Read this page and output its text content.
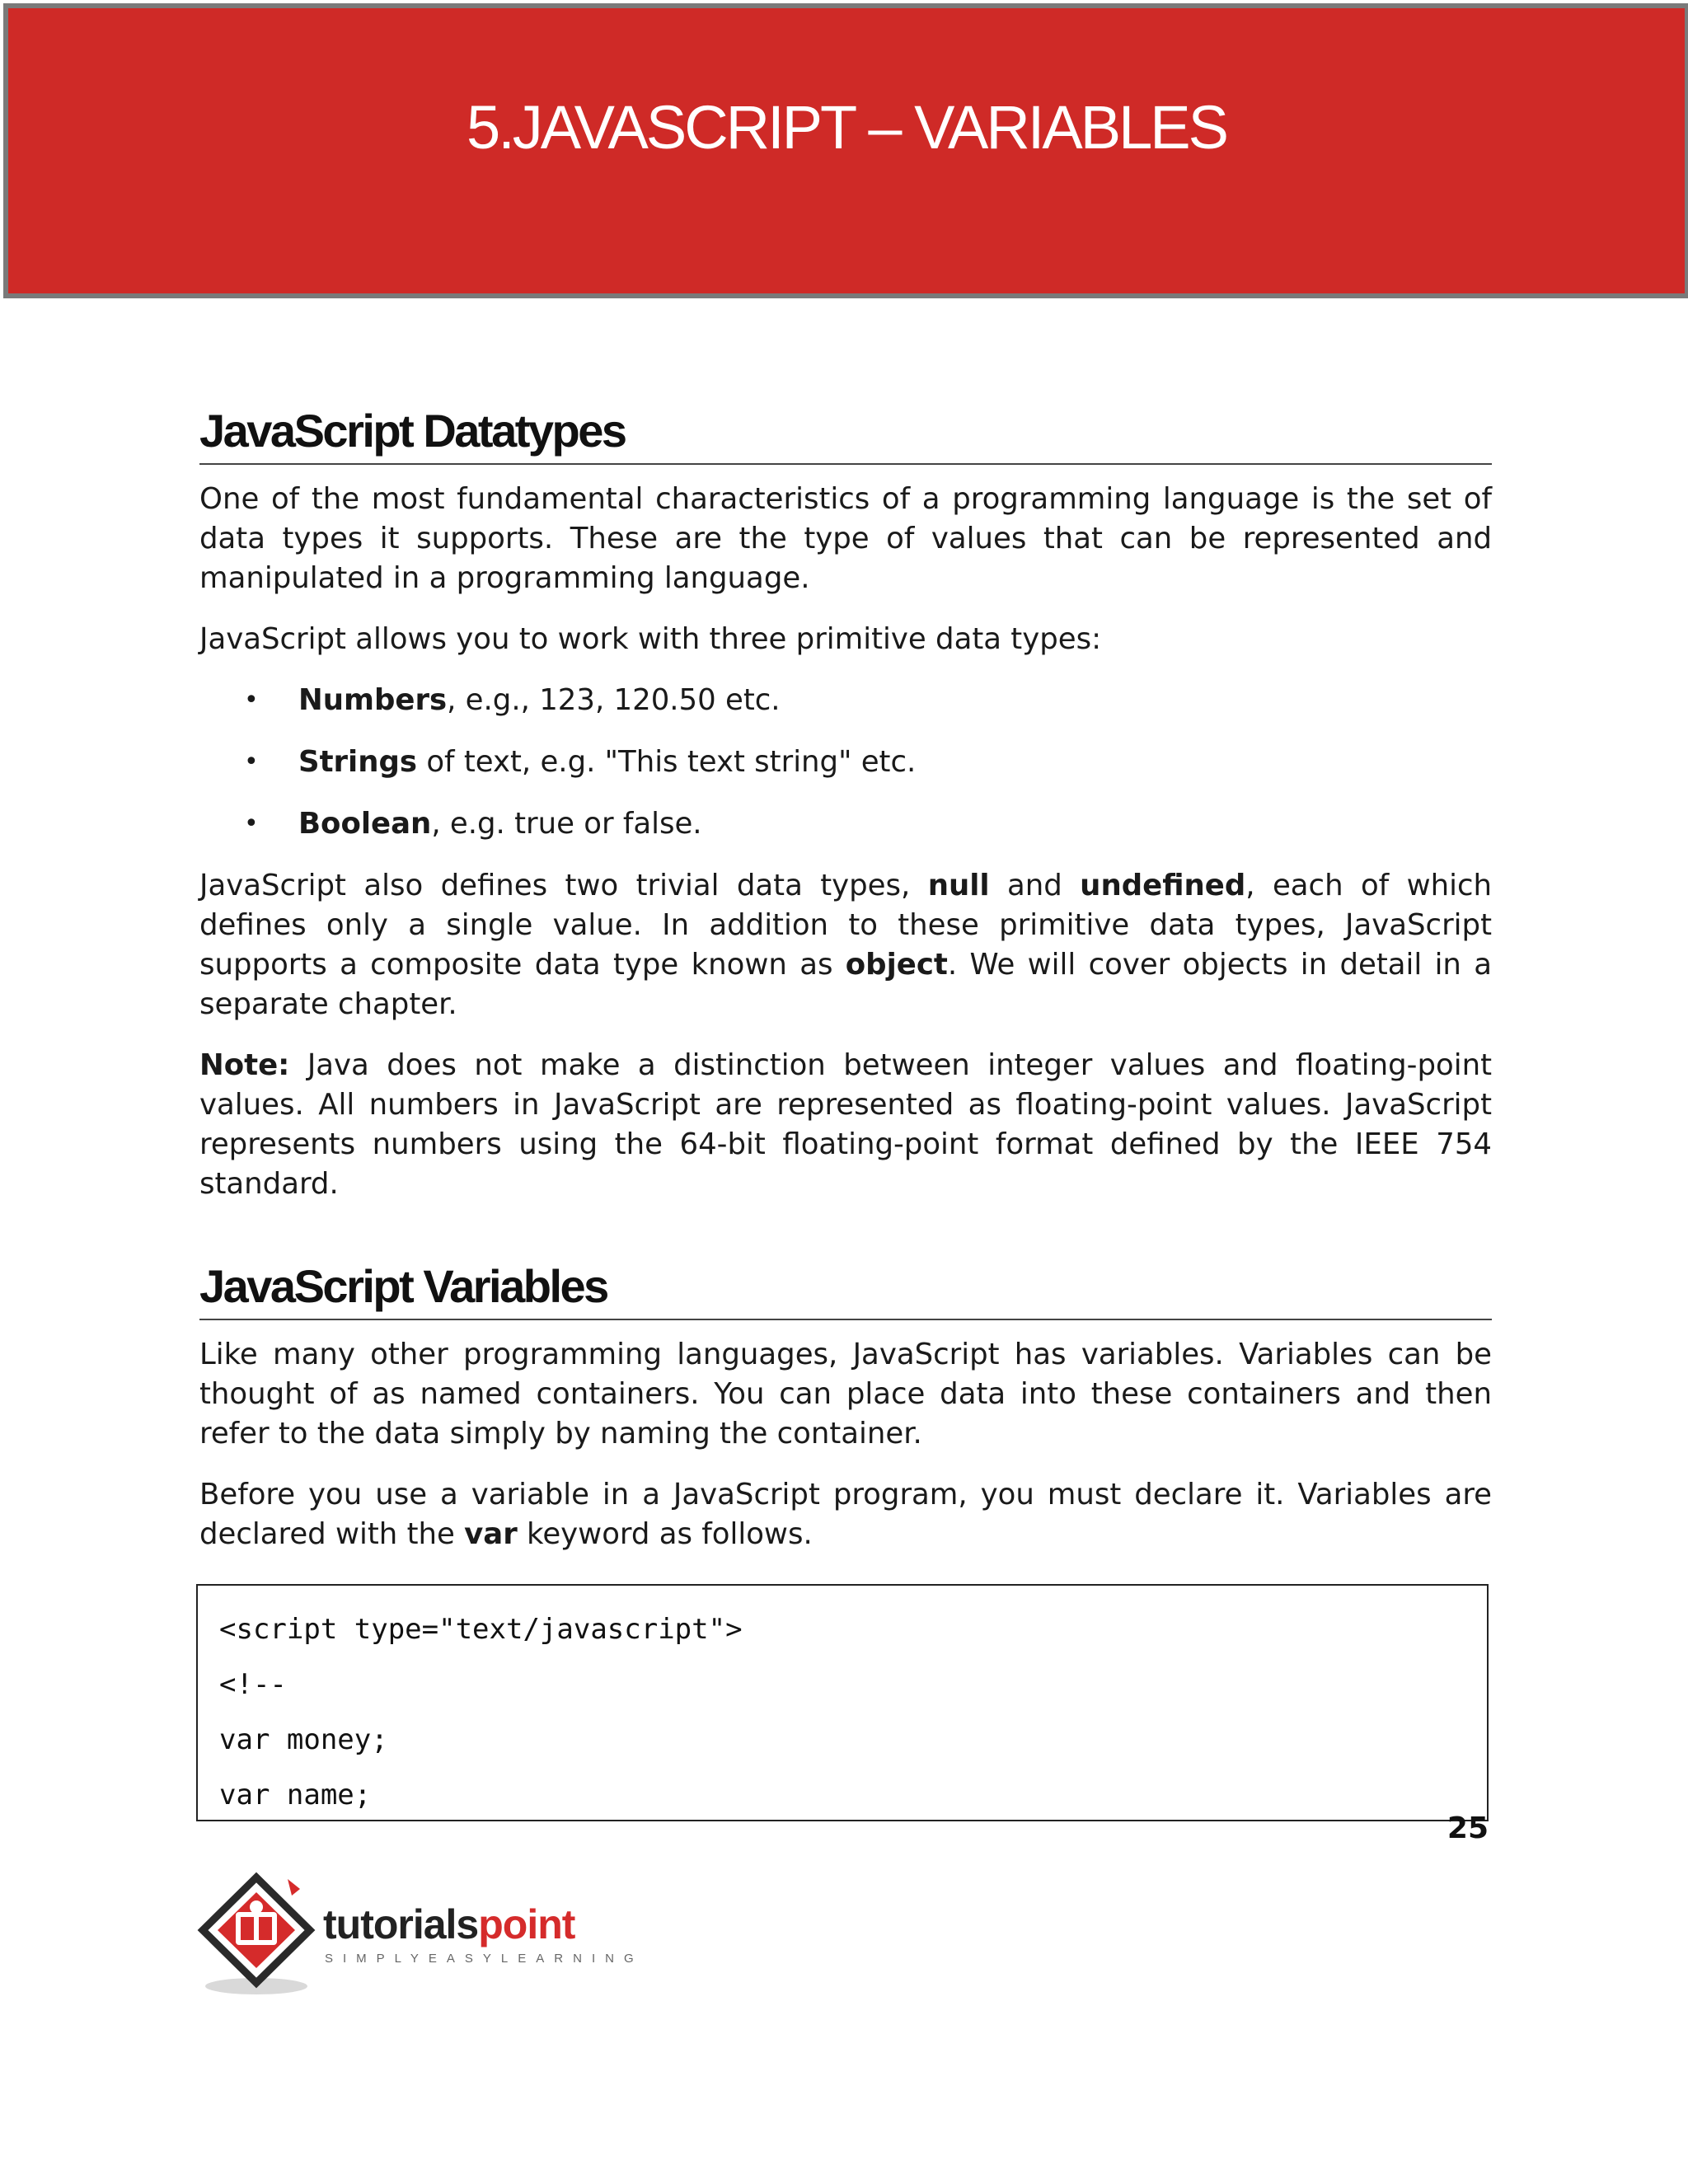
5.JAVASCRIPT – VARIABLES
JavaScript Datatypes

One of the most fundamental characteristics of a programming language is the set of data types it supports. These are the type of values that can be represented and manipulated in a programming language.

JavaScript allows you to work with three primitive data types:

• Numbers, e.g., 123, 120.50 etc.
• Strings of text, e.g. "This text string" etc.
• Boolean, e.g. true or false.

JavaScript also defines two trivial data types, null and undefined, each of which defines only a single value. In addition to these primitive data types, JavaScript supports a composite data type known as object. We will cover objects in detail in a separate chapter.

Note: Java does not make a distinction between integer values and floating-point values. All numbers in JavaScript are represented as floating-point values. JavaScript represents numbers using the 64-bit floating-point format defined by the IEEE 754 standard.

JavaScript Variables

Like many other programming languages, JavaScript has variables. Variables can be thought of as named containers. You can place data into these containers and then refer to the data simply by naming the container.

Before you use a variable in a JavaScript program, you must declare it. Variables are declared with the var keyword as follows.

<script type="text/javascript">
<!--
var money;
var name;
25
tutorialspoint
SIMPLYEASYLEARNING
